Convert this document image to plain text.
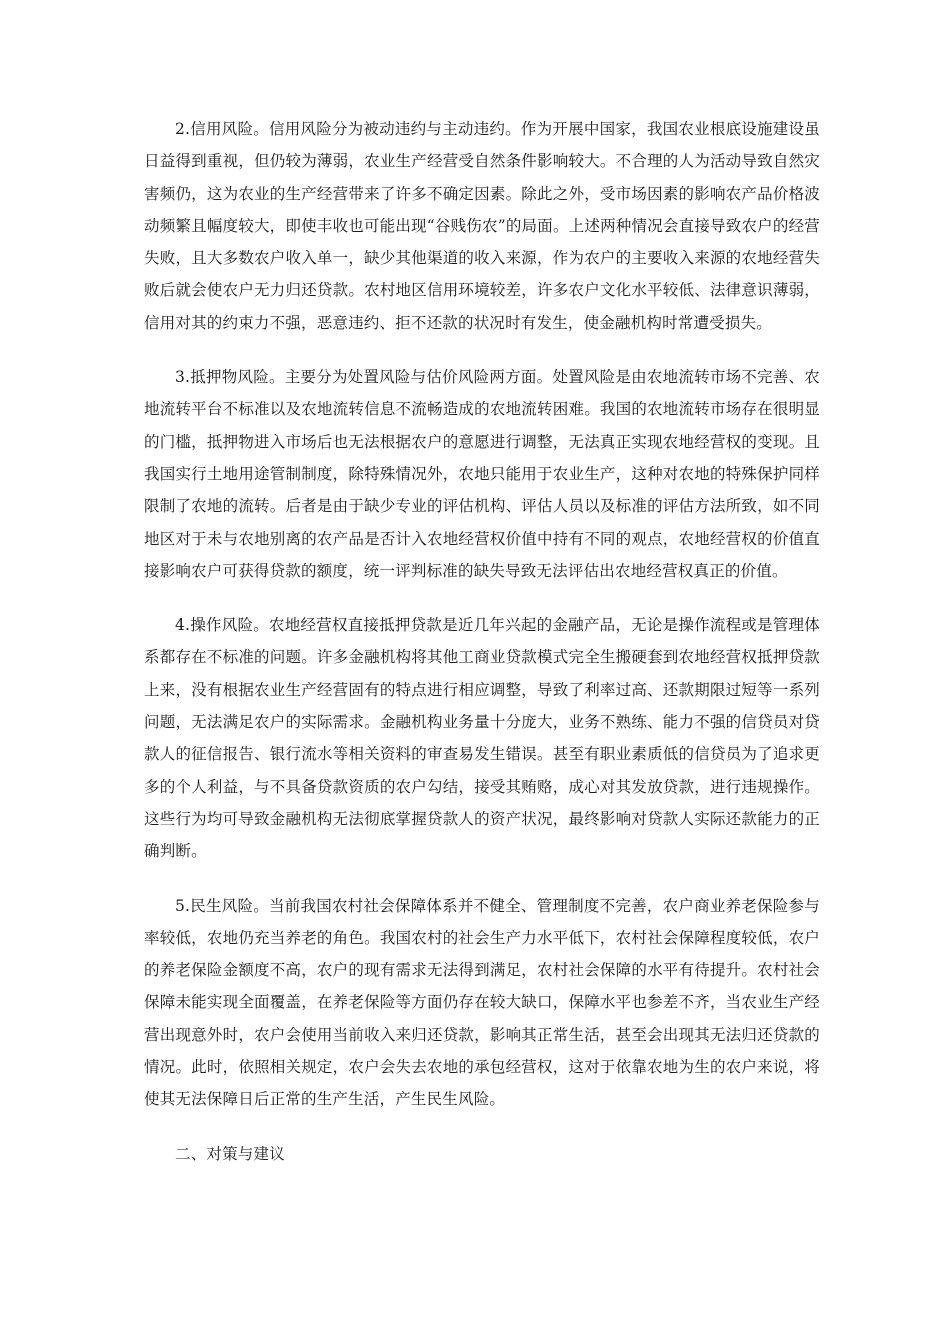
2.信用风险。信用风险分为被动违约与主动违约。作为开展中国家，我国农业根底设施建设虽日益得到重视，但仍较为薄弱，农业生产经营受自然条件影响较大。不合理的人为活动导致自然灾害频仍，这为农业的生产经营带来了许多不确定因素。除此之外，受市场因素的影响农产品价格波动频繁且幅度较大，即使丰收也可能出现“谷贱伤农”的局面。上述两种情况会直接导致农户的经营失败，且大多数农户收入单一，缺少其他渠道的收入来源，作为农户的主要收入来源的农地经营失败后就会使农户无力归还贷款。农村地区信用环境较差，许多农户文化水平较低、法律意识薄弱，信用对其的约束力不强，恶意违约、拒不还款的状况时有发生，使金融机构时常遭受损失。

3.抵押物风险。主要分为处置风险与估价风险两方面。处置风险是由农地流转市场不完善、农地流转平台不标准以及农地流转信息不流畅造成的农地流转困难。我国的农地流转市场存在很明显的门槛，抵押物进入市场后也无法根据农户的意愿进行调整，无法真正实现农地经营权的变现。且我国实行土地用途管制制度，除特殊情况外，农地只能用于农业生产，这种对农地的特殊保护同样限制了农地的流转。后者是由于缺少专业的评估机构、评估人员以及标准的评估方法所致，如不同地区对于未与农地别离的农产品是否计入农地经营权价值中持有不同的观点，农地经营权的价值直接影响农户可获得贷款的额度，统一评判标准的缺失导致无法评估出农地经营权真正的价值。

4.操作风险。农地经营权直接抵押贷款是近几年兴起的金融产品，无论是操作流程或是管理体系都存在不标准的问题。许多金融机构将其他工商业贷款模式完全生搬硬套到农地经营权抵押贷款上来，没有根据农业生产经营固有的特点进行相应调整，导致了利率过高、还款期限过短等一系列问题，无法满足农户的实际需求。金融机构业务量十分庞大，业务不熟练、能力不强的信贷员对贷款人的征信报告、银行流水等相关资料的审查易发生错误。甚至有职业素质低的信贷员为了追求更多的个人利益，与不具备贷款资质的农户勾结，接受其贿赂，成心对其发放贷款，进行违规操作。这些行为均可导致金融机构无法彻底掌握贷款人的资产状况，最终影响对贷款人实际还款能力的正确判断。

5.民生风险。当前我国农村社会保障体系并不健全、管理制度不完善，农户商业养老保险参与率较低，农地仍充当养老的角色。我国农村的社会生产力水平低下，农村社会保障程度较低，农户的养老保险金额度不高，农户的现有需求无法得到满足，农村社会保障的水平有待提升。农村社会保障未能实现全面覆盖，在养老保险等方面仍存在较大缺口，保障水平也参差不齐，当农业生产经营出现意外时，农户会使用当前收入来归还贷款，影响其正常生活，甚至会出现其无法归还贷款的情况。此时，依照相关规定，农户会失去农地的承包经营权，这对于依靠农地为生的农户来说，将使其无法保障日后正常的生产生活，产生民生风险。

二、对策与建议
